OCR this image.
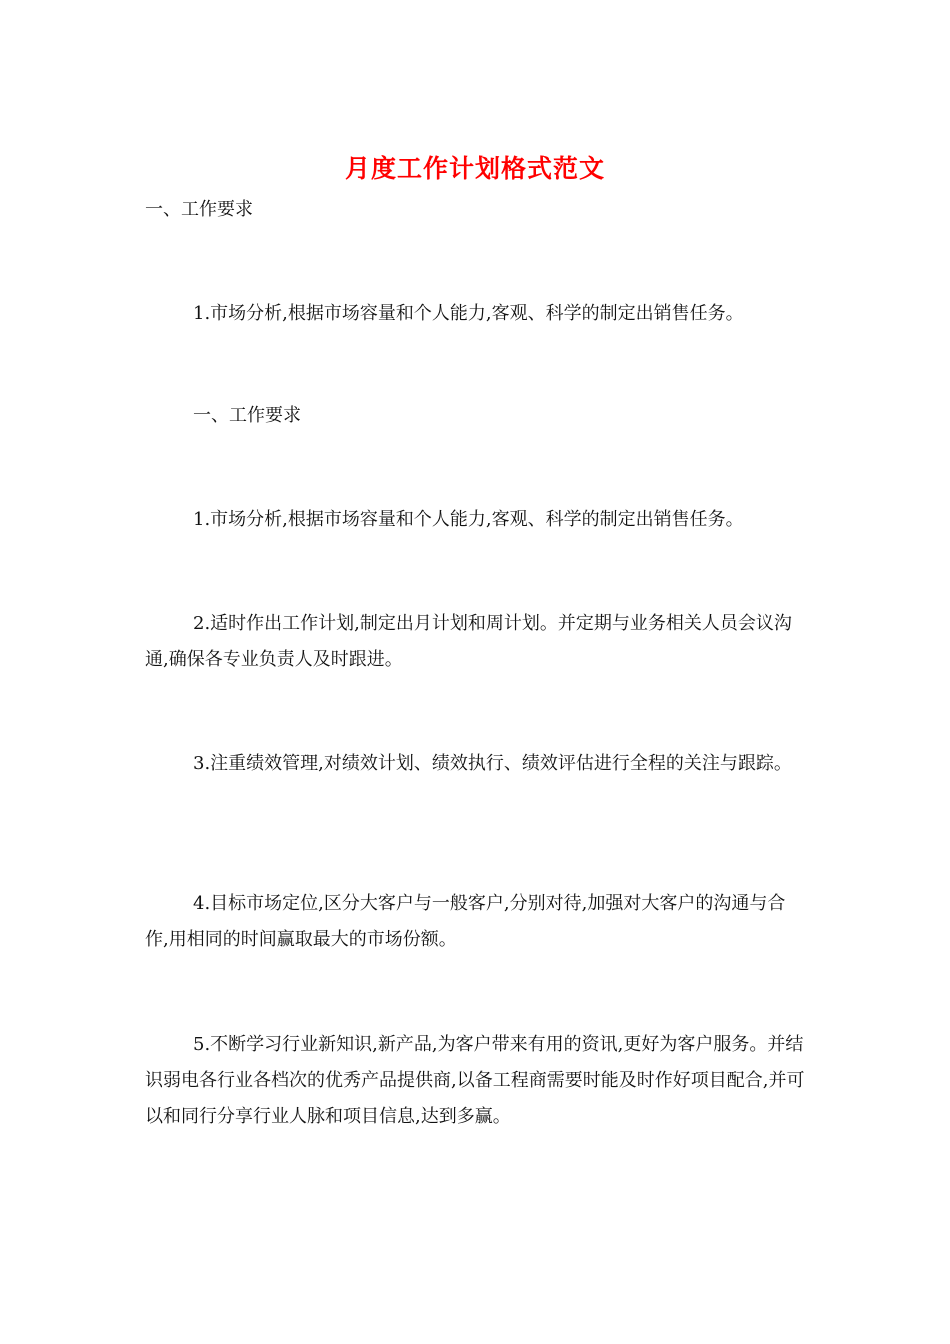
月度工作计划格式范文

一、工作要求

1.市场分析,根据市场容量和个人能力,客观、科学的制定出销售任务。

一、工作要求

1.市场分析,根据市场容量和个人能力,客观、科学的制定出销售任务。

2.适时作出工作计划,制定出月计划和周计划。并定期与业务相关人员会议沟通,确保各专业负责人及时跟进。

3.注重绩效管理,对绩效计划、绩效执行、绩效评估进行全程的关注与跟踪。

4.目标市场定位,区分大客户与一般客户,分别对待,加强对大客户的沟通与合作,用相同的时间赢取最大的市场份额。

5.不断学习行业新知识,新产品,为客户带来有用的资讯,更好为客户服务。并结识弱电各行业各档次的优秀产品提供商,以备工程商需要时能及时作好项目配合,并可以和同行分享行业人脉和项目信息,达到多赢。
